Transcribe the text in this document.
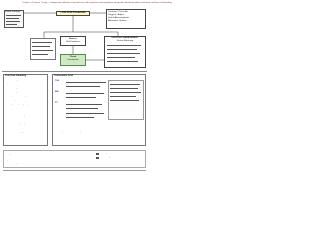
Tri-part, a Tri-pane, Trinity... a diagnostic pathway using tools for safe systemic anticoagulation alongside individual patient evaluation and low risk bleeding

Patient Suitability	LOW RISK BLEEDING	Continue / Prescribe

Suggest / Adjust

Switch Anticoagulants

Alternative Options

Assess

Risk Evaluation

Check

Investigation

ONGOING MANAGEMENT

Restart Monitoring

Low Risk Bleeding

Minor bleeding

Epistaxis

Gum bleeding

Easy bruising

Subconjunctival bleeding

Menorrhagia

Bleeding not requiring hospitalisation

Consider alternative causes

Check renal function

Check FBC and clotting

Review dose

Review interacting drugs

Patient education

Consider switching agent

Document bleed

Tranexamic Acid

TXA

INR

PT

Seek urgent advice if bleeding is severe or uncontrolled

References

Local guidance

Clinical review

Key contacts

Version history

Anticoagulation

Haematology
